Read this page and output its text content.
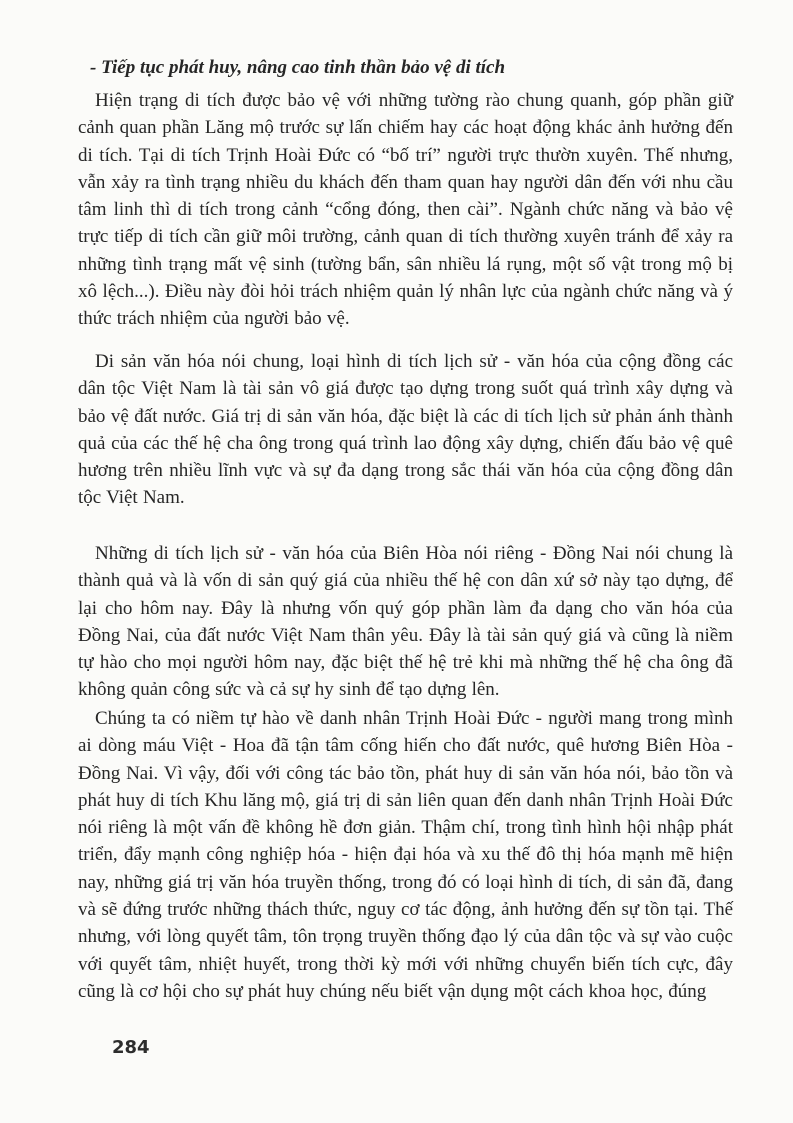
- Tiếp tục phát huy, nâng cao tinh thần bảo vệ di tích

Hiện trạng di tích được bảo vệ với những tường rào chung quanh, góp phần giữ cảnh quan phần Lăng mộ trước sự lấn chiếm hay các hoạt động khác ảnh hưởng đến di tích. Tại di tích Trịnh Hoài Đức có “bố trí” người trực thườn xuyên. Thế nhưng, vẫn xảy ra tình trạng nhiều du khách đến tham quan hay người dân đến với nhu cầu tâm linh thì di tích trong cảnh “cổng đóng, then cài”. Ngành chức năng và bảo vệ trực tiếp di tích cần giữ môi trường, cảnh quan di tích thường xuyên tránh để xảy ra những tình trạng mất vệ sinh (tường bẩn, sân nhiều lá rụng, một số vật trong mộ bị xô lệch...). Điều này đòi hỏi trách nhiệm quản lý nhân lực của ngành chức năng và ý thức trách nhiệm của người bảo vệ.

Di sản văn hóa nói chung, loại hình di tích lịch sử - văn hóa của cộng đồng các dân tộc Việt Nam là tài sản vô giá được tạo dựng trong suốt quá trình xây dựng và bảo vệ đất nước. Giá trị di sản văn hóa, đặc biệt là các di tích lịch sử phản ánh thành quả của các thế hệ cha ông trong quá trình lao động xây dựng, chiến đấu bảo vệ quê hương trên nhiều lĩnh vực và sự đa dạng trong sắc thái văn hóa của cộng đồng dân tộc Việt Nam.

Những di tích lịch sử - văn hóa của Biên Hòa nói riêng - Đồng Nai nói chung là thành quả và là vốn di sản quý giá của nhiều thế hệ con dân xứ sở này tạo dựng, để lại cho hôm nay. Đây là nhưng vốn quý góp phần làm đa dạng cho văn hóa của Đồng Nai, của đất nước Việt Nam thân yêu. Đây là tài sản quý giá và cũng là niềm tự hào cho mọi người hôm nay, đặc biệt thế hệ trẻ khi mà những thế hệ cha ông đã không quản công sức và cả sự hy sinh để tạo dựng lên.

Chúng ta có niềm tự hào về danh nhân Trịnh Hoài Đức - người mang trong mình ai dòng máu Việt - Hoa đã tận tâm cống hiến cho đất nước, quê hương Biên Hòa - Đồng Nai. Vì vậy, đối với công tác bảo tồn, phát huy di sản văn hóa nói, bảo tồn và phát huy di tích Khu lăng mộ, giá trị di sản liên quan đến danh nhân Trịnh Hoài Đức nói riêng là một vấn đề không hề đơn giản. Thậm chí, trong tình hình hội nhập phát triển, đẩy mạnh công nghiệp hóa - hiện đại hóa và xu thế đô thị hóa mạnh mẽ hiện nay, những giá trị văn hóa truyền thống, trong đó có loại hình di tích, di sản đã, đang và sẽ đứng trước những thách thức, nguy cơ tác động, ảnh hưởng đến sự tồn tại. Thế nhưng, với lòng quyết tâm, tôn trọng truyền thống đạo lý của dân tộc và sự vào cuộc với quyết tâm, nhiệt huyết, trong thời kỳ mới với những chuyển biến tích cực, đây cũng là cơ hội cho sự phát huy chúng nếu biết vận dụng một cách khoa học, đúng

284
